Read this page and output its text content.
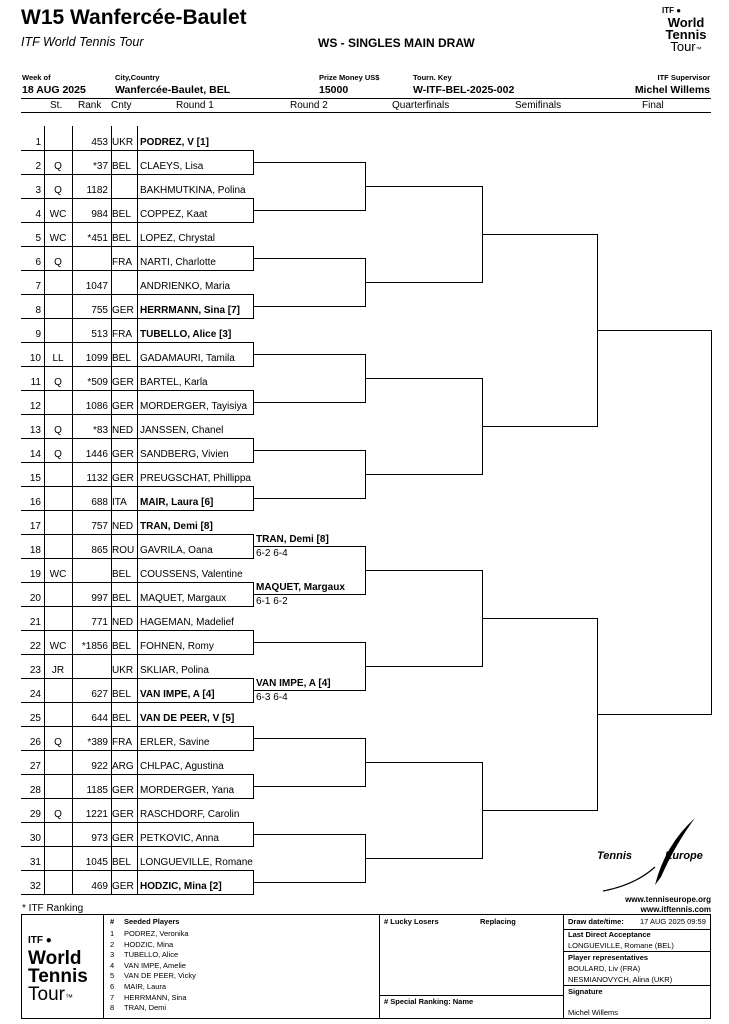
W15 Wanfercée-Baulet
ITF World Tennis Tour	WS - SINGLES MAIN DRAW
ITF ●
World
Tennis
Tour™
Week of
18 AUG 2025
City,Country
Wanfercée-Baulet, BEL
Prize Money US$
15000
Tourn. Key
W-ITF-BEL-2025-002
ITF Supervisor
Michel Willems
St. Rank Cnty	Round 1	Round 2	Quarterfinals	Semifinals	Final
1	453 UKR PODREZ, V [1]
2	Q	*37 BEL CLAEYS, Lisa
3	Q	1182	BAKHMUTKINA, Polina
4 WC	984 BEL COPPEZ, Kaat
5 WC	*451 BEL LOPEZ, Chrystal
6	Q	FRA NARTI, Charlotte
7	1047	ANDRIENKO, Maria
8	755 GER HERRMANN, Sina [7]
9	513 FRA TUBELLO, Alice [3]
10	LL	1099 BEL GADAMAURI, Tamila
11	Q	*509 GER BARTEL, Karla
12	1086 GER MORDERGER, Tayisiya
13	Q	*83 NED JANSSEN, Chanel
14	Q	1446 GER SANDBERG, Vivien
15	1132 GER PREUGSCHAT, Phillippa
16	688 ITA	MAIR, Laura [6]
17	757 NED TRAN, Demi [8]
18	865 ROU GAVRILA, Oana
19 WC	BEL COUSSENS, Valentine
20	997 BEL MAQUET, Margaux
21	771 NED HAGEMAN, Madelief
22 WC	*1856 BEL FOHNEN, Romy
23	JR	UKR SKLIAR, Polina
24	627 BEL VAN IMPE, A [4]
25	644 BEL VAN DE PEER, V [5]
26	Q	*389 FRA ERLER, Savine
27	922 ARG CHLPAC, Agustina
28	1185 GER MORDERGER, Yana
29	Q	1221 GER RASCHDORF, Carolin
30	973 GER PETKOVIC, Anna
31	1045 BEL LONGUEVILLE, Romane
32	469 GER HODZIC, Mina [2]
TRAN, Demi [8]
6-2 6-4
MAQUET, Margaux
6-1 6-2
VAN IMPE, A [4]
6-3 6-4
* ITF Ranking
Tennis	Europe
www.tenniseurope.org
www.itftennis.com
ITF ●
World
Tennis
Tour™
# Seeded Players
1 PODREZ, Veronika
2 HODZIC, Mina
3 TUBELLO, Alice
4 VAN IMPE, Amelie
5 VAN DE PEER, Vicky
6 MAIR, Laura
7 HERRMANN, Sina
8 TRAN, Demi
# Lucky Losers	Replacing
# Special Ranking: Name
Draw date/time: 17 AUG 2025 09:59
Last Direct Acceptance
LONGUEVILLE, Romane (BEL)
Player representatives
BOULARD, Liv (FRA)
NESMIANOVYCH, Alina (UKR)
Signature
Michel Willems
